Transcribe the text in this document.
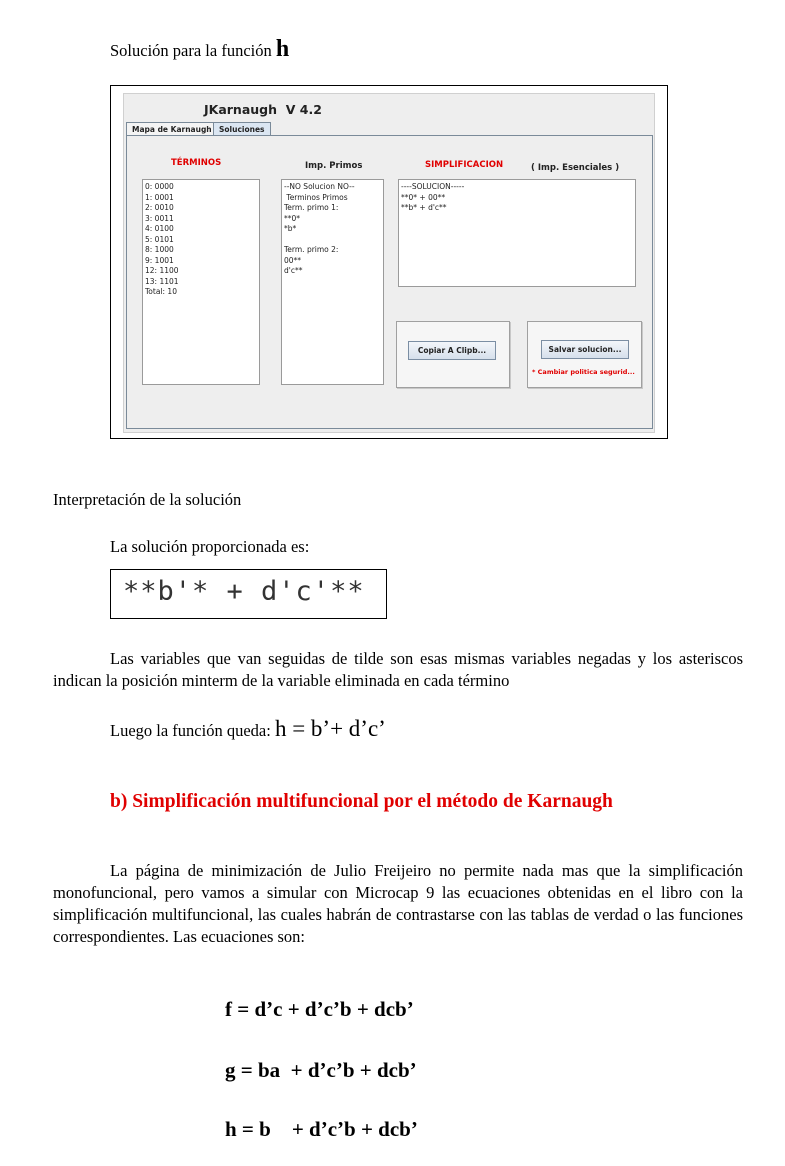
Solución para la función h
JKarnaugh  V 4.2
Mapa de Karnaugh Soluciones
TÉRMINOS	Imp. Primos	SIMPLIFICACION	( Imp. Esenciales )
0: 0000
1: 0001
2: 0010
3: 0011
4: 0100
5: 0101
8: 1000
9: 1001
12: 1100
13: 1101
Total: 10
--NO Solucion NO--
Terminos Primos
Term. primo 1:
**0*
*b*

Term. primo 2:
00**
d'c**
----SOLUCION-----
**0* + 00**
**b* + d'c**
Copiar A Clipb...	Salvar solucion...
* Cambiar politica segurid...
Interpretación de la solución
La solución proporcionada es:
**b'* + d'c'**
Las variables que van seguidas de tilde son esas mismas variables negadas y los asteriscos indican la posición minterm de la variable eliminada en cada término
Luego la función queda: h = b’+ d’c’
b) Simplificación multifuncional por el método de Karnaugh
La página de minimización de Julio Freijeiro no permite nada mas que la simplificación monofuncional, pero vamos a simular con Microcap 9 las ecuaciones obtenidas en el libro con la simplificación multifuncional, las cuales habrán de contrastarse con las tablas de verdad o las funciones correspondientes. Las ecuaciones son:
f = d’c + d’c’b + dcb’
g = ba  + d’c’b + dcb’
h = b    + d’c’b + dcb’
